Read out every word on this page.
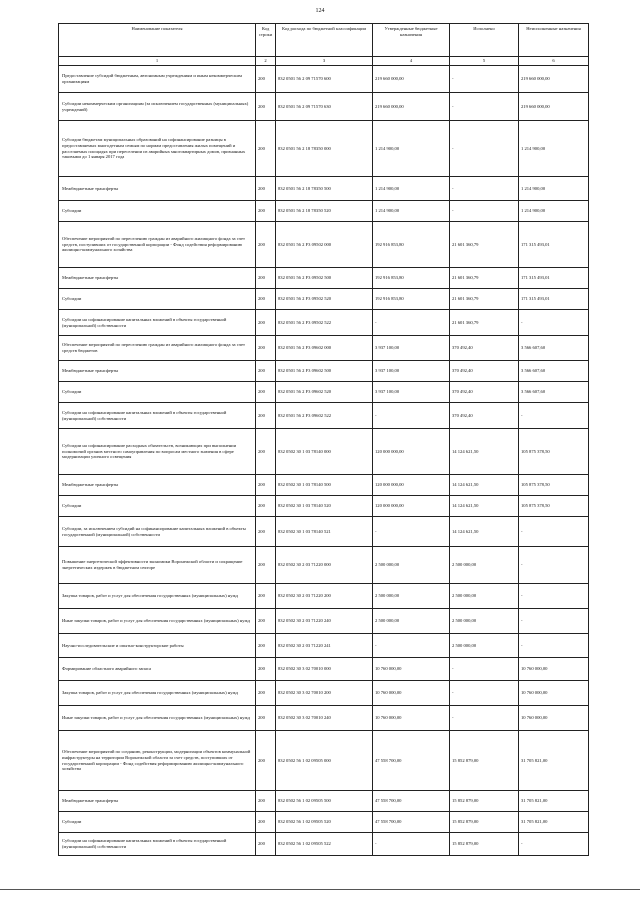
124
Наименование показателя	Код строки	Код расхода по бюджетной классификации	Утвержденные бюджетные назначения	Исполнено	Неисполненные назначения
1	2	3	4	5	6
Предоставление субсидий бюджетным, автономным учреждениям и иным некоммерческим организациям	200	832 0501 56 2 09 71570 600	219 660 000,00	-	219 660 000,00
Субсидии некоммерческим организациям (за исключением государственных (муниципальных) учреждений)	200	832 0501 56 2 09 71570 630	219 660 000,00	-	219 660 000,00
Субсидии бюджетам муниципальных образований на софинансирование разницы в предоставляемых многодетным семьям по нормам предоставления жилых помещений и расселяемых площадях при переселении из аварийных многоквартирных домов, признанных таковыми до 1 января 2017 года	200	832 0501 56 2 18 78350 000	1 214 900,00	-	1 214 900,00
Межбюджетные трансферты	200	832 0501 56 2 18 78350 500	1 214 900,00	-	1 214 900,00
Субсидии	200	832 0501 56 2 18 78350 520	1 214 900,00	-	1 214 900,00
Обеспечение мероприятий по переселению граждан из аварийного жилищного фонда за счет средств, поступивших от государственной корпорации - Фонд содействия реформированию жилищно-коммунального хозяйства	200	832 0501 56 2 F3 09502 000	192 916 853,80	21 601 360,79	171 315 493,01
Межбюджетные трансферты	200	832 0501 56 2 F3 09502 500	192 916 853,80	21 601 360,79	171 315 493,01
Субсидии	200	832 0501 56 2 F3 09502 520	192 916 853,80	21 601 360,79	171 315 493,01
Субсидии на софинансирование капитальных вложений в объекты государственной (муниципальной) собственности	200	832 0501 56 2 F3 09502 522	-	21 601 360,79	-
Обеспечение мероприятий по переселению граждан из аварийного жилищного фонда за счет средств бюджетов	200	832 0501 56 2 F3 09602 000	3 937 100,00	370 492,40	3 566 607,60
Межбюджетные трансферты	200	832 0501 56 2 F3 09602 500	3 937 100,00	370 492,40	3 566 607,60
Субсидии	200	832 0501 56 2 F3 09602 520	3 937 100,00	370 492,40	3 566 607,60
Субсидии на софинансирование капитальных вложений в объекты государственной (муниципальной) собственности	200	832 0501 56 2 F3 09602 522	-	370 492,40	-
Субсидии на софинансирование расходных обязательств, возникающих при выполнении полномочий органов местного самоуправления по вопросам местного значения в сфере модернизации уличного освещения	200	832 0502 30 1 03 78140 000	120 000 000,00	14 124 621,50	105 875 378,50
Межбюджетные трансферты	200	832 0502 30 1 03 78140 500	120 000 000,00	14 124 621,50	105 875 378,50
Субсидии	200	832 0502 30 1 03 78140 520	120 000 000,00	14 124 621,50	105 875 378,50
Субсидии, за исключением субсидий на софинансирование капитальных вложений в объекты государственной (муниципальной) собственности	200	832 0502 30 1 03 78140 521	-	14 124 621,50	-
Повышение энергетической эффективности экономики Воронежской области и сокращение энергетических издержек в бюджетном секторе	200	832 0502 30 2 03 71220 000	2 500 000,00	2 500 000,00	-
Закупка товаров, работ и услуг для обеспечения государственных (муниципальных) нужд	200	832 0502 30 2 03 71220 200	2 500 000,00	2 500 000,00	-
Иные закупки товаров, работ и услуг для обеспечения государственных (муниципальных) нужд	200	832 0502 30 2 03 71220 240	2 500 000,00	2 500 000,00	-
Научно-исследовательские и опытно-конструкторские работы	200	832 0502 30 2 03 71220 241	-	2 500 000,00	-
Формирование областного аварийного запаса	200	832 0502 30 3 02 70010 000	10 760 000,00	-	10 760 000,00
Закупка товаров, работ и услуг для обеспечения государственных (муниципальных) нужд	200	832 0502 30 3 02 70010 200	10 760 000,00	-	10 760 000,00
Иные закупки товаров, работ и услуг для обеспечения государственных (муниципальных) нужд	200	832 0502 30 3 02 70010 240	10 760 000,00	-	10 760 000,00
Обеспечение мероприятий по созданию, реконструкции, модернизации объектов коммунальной инфраструктуры на территории Воронежской области за счет средств, поступивших от государственной корпорации - Фонд содействия реформированию жилищно-коммунального хозяйства	200	832 0502 56 1 02 09505 000	47 558 700,00	15 852 879,00	31 705 821,00
Межбюджетные трансферты	200	832 0502 56 1 02 09505 500	47 558 700,00	15 852 879,00	31 705 821,00
Субсидии	200	832 0502 56 1 02 09505 520	47 558 700,00	15 852 879,00	31 705 821,00
Субсидии на софинансирование капитальных вложений в объекты государственной (муниципальной) собственности	200	832 0502 56 1 02 09505 522	-	15 852 879,00	-
